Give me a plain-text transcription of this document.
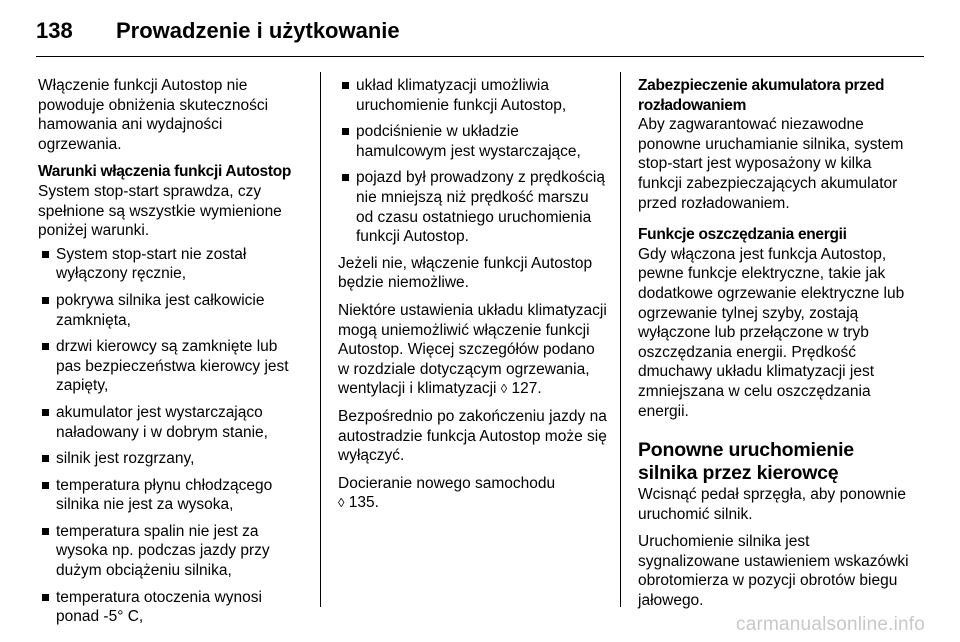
138 Prowadzenie i użytkowanie

Włączenie funkcji Autostop nie powoduje obniżenia skuteczności hamowania ani wydajności ogrzewania.

Warunki włączenia funkcji Autostop

System stop-start sprawdza, czy spełnione są wszystkie wymienione poniżej warunki.

System stop-start nie został wyłączony ręcznie,
pokrywa silnika jest całkowicie zamknięta,
drzwi kierowcy są zamknięte lub pas bezpieczeństwa kierowcy jest zapięty,
akumulator jest wystarczająco naładowany i w dobrym stanie,
silnik jest rozgrzany,
temperatura płynu chłodzącego silnika nie jest za wysoka,
temperatura spalin nie jest za wysoka np. podczas jazdy przy dużym obciążeniu silnika,
temperatura otoczenia wynosi ponad -5° C,
układ klimatyzacji umożliwia uruchomienie funkcji Autostop,
podciśnienie w układzie hamulcowym jest wystarczające,
pojazd był prowadzony z prędkością nie mniejszą niż prędkość marszu od czasu ostatniego uruchomienia funkcji Autostop.

Jeżeli nie, włączenie funkcji Autostop będzie niemożliwe.

Niektóre ustawienia układu klimatyzacji mogą uniemożliwić włączenie funkcji Autostop. Więcej szczegółów podano w rozdziale dotyczącym ogrzewania, wentylacji i klimatyzacji ◊ 127.

Bezpośrednio po zakończeniu jazdy na autostradzie funkcja Autostop może się wyłączyć.

Docieranie nowego samochodu
◊ 135.

Zabezpieczenie akumulatora przed rozładowaniem

Aby zagwarantować niezawodne ponowne uruchamianie silnika, system stop-start jest wyposażony w kilka funkcji zabezpieczających akumulator przed rozładowaniem.

Funkcje oszczędzania energii

Gdy włączona jest funkcja Autostop, pewne funkcje elektryczne, takie jak dodatkowe ogrzewanie elektryczne lub ogrzewanie tylnej szyby, zostają wyłączone lub przełączone w tryb oszczędzania energii. Prędkość dmuchawy układu klimatyzacji jest zmniejszana w celu oszczędzania energii.

Ponowne uruchomienie silnika przez kierowcę

Wcisnąć pedał sprzęgła, aby ponownie uruchomić silnik.

Uruchomienie silnika jest sygnalizowane ustawieniem wskazówki obrotomierza w pozycji obrotów biegu jałowego.

carmanualsonline.info
